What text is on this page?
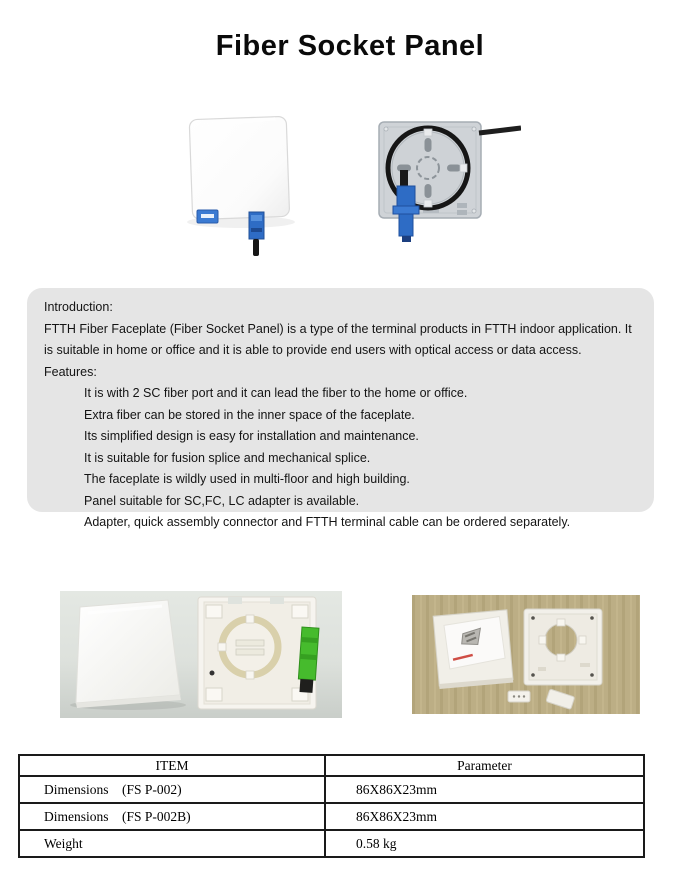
Fiber Socket Panel
Introduction:
FTTH Fiber Faceplate (Fiber Socket Panel) is a type of the terminal products in FTTH indoor application. It is suitable in home or office and it is able to provide end users with optical access or data access.
Features:
It is with 2 SC fiber port and it can lead the fiber to the home or office.
Extra fiber can be stored in the inner space of the faceplate.
Its simplified design is easy for installation and maintenance.
It is suitable for fusion splice and mechanical splice.
The faceplate is wildly used in multi-floor and high building.
Panel suitable for SC,FC, LC adapter is available.
Adapter, quick assembly connector and FTTH terminal cable can be ordered separately.
ITEM	Parameter
Dimensions    (FS P-002)	86X86X23mm
Dimensions    (FS P-002B)	86X86X23mm
Weight	0.58 kg
